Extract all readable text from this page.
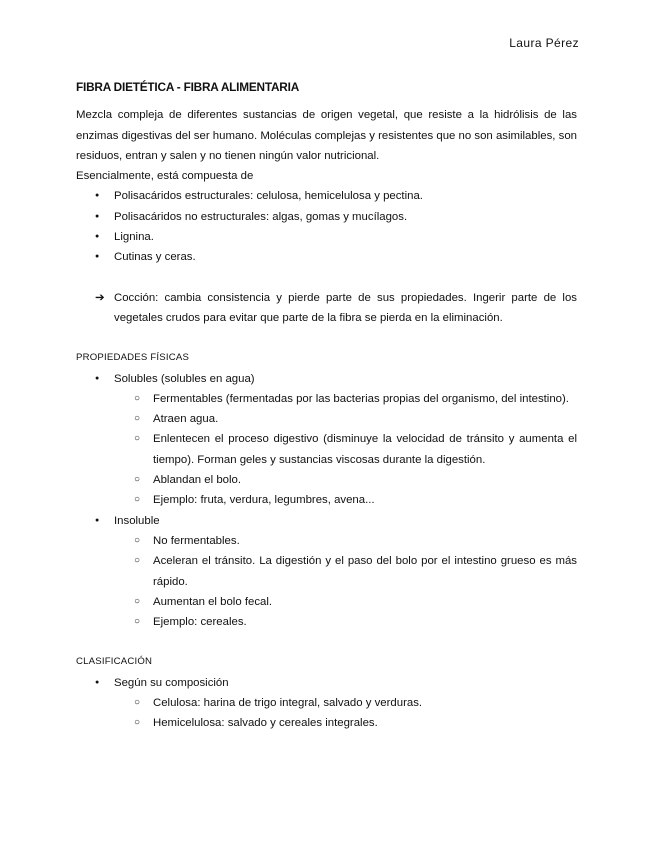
Laura Pérez

FIBRA DIETÉTICA - FIBRA ALIMENTARIA

Mezcla compleja de diferentes sustancias de origen vegetal, que resiste a la hidrólisis de las enzimas digestivas del ser humano. Moléculas complejas y resistentes que no son asimilables, son residuos, entran y salen y no tienen ningún valor nutricional.

Esencialmente, está compuesta de

● Polisacáridos estructurales: celulosa, hemicelulosa y pectina.
● Polisacáridos no estructurales: algas, gomas y mucílagos.
● Lignina.
● Cutinas y ceras.
➔ Cocción: cambia consistencia y pierde parte de sus propiedades. Ingerir parte de los vegetales crudos para evitar que parte de la fibra se pierda en la eliminación.
PROPIEDADES FÍSICAS
● Solubles (solubles en agua)
○ Fermentables (fermentadas por las bacterias propias del organismo, del intestino).
○ Atraen agua.
○ Enlentecen el proceso digestivo (disminuye la velocidad de tránsito y aumenta el tiempo). Forman geles y sustancias viscosas durante la digestión.
○ Ablandan el bolo.
○ Ejemplo: fruta, verdura, legumbres, avena...
● Insoluble
○ No fermentables.
○ Aceleran el tránsito. La digestión y el paso del bolo por el intestino grueso es más rápido.
○ Aumentan el bolo fecal.
○ Ejemplo: cereales.
CLASIFICACIÓN
● Según su composición
○ Celulosa: harina de trigo integral, salvado y verduras.
○ Hemicelulosa: salvado y cereales integrales.
